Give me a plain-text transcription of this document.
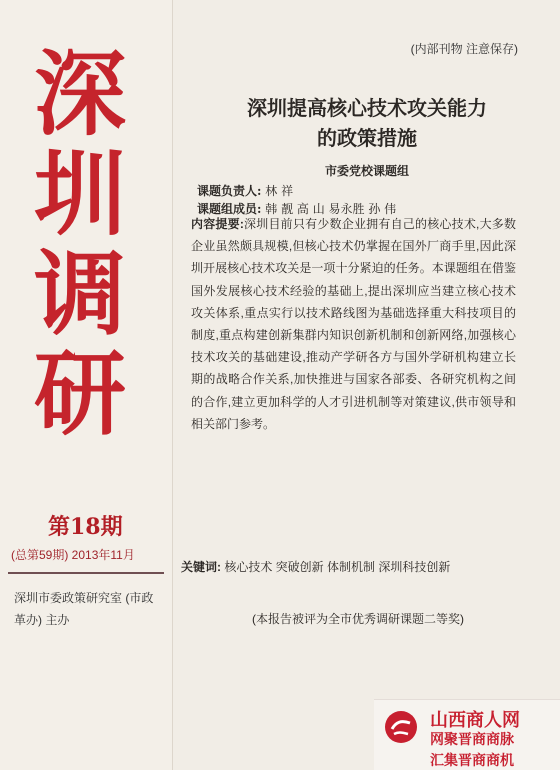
深
圳
调
研
第18期
(总第59期) 2013年11月
深圳市委政策研究室 (市政革办) 主办
(内部刊物 注意保存)
深圳提高核心技术攻关能力
的政策措施
市委党校课题组
课题负责人: 林 祥
课题组成员: 韩 靓 高 山 易永胜 孙 伟
内容提要:深圳目前只有少数企业拥有自己的核心技术,大多数企业虽然颇具规模,但核心技术仍掌握在国外厂商手里,因此深圳开展核心技术攻关是一项十分紧迫的任务。本课题组在借鉴国外发展核心技术经验的基础上,提出深圳应当建立核心技术攻关体系,重点实行以技术路线图为基础选择重大科技项目的制度,重点构建创新集群内知识创新机制和创新网络,加强核心技术攻关的基础建设,推动产学研各方与国外学研机构建立长期的战略合作关系,加快推进与国家各部委、各研究机构之间的合作,建立更加科学的人才引进机制等对策建议,供市领导和相关部门参考。
关键词: 核心技术 突破创新 体制机制 深圳科技创新
(本报告被评为全市优秀调研课题二等奖)
山西商人网
网聚晋商商脉
汇集晋商商机
